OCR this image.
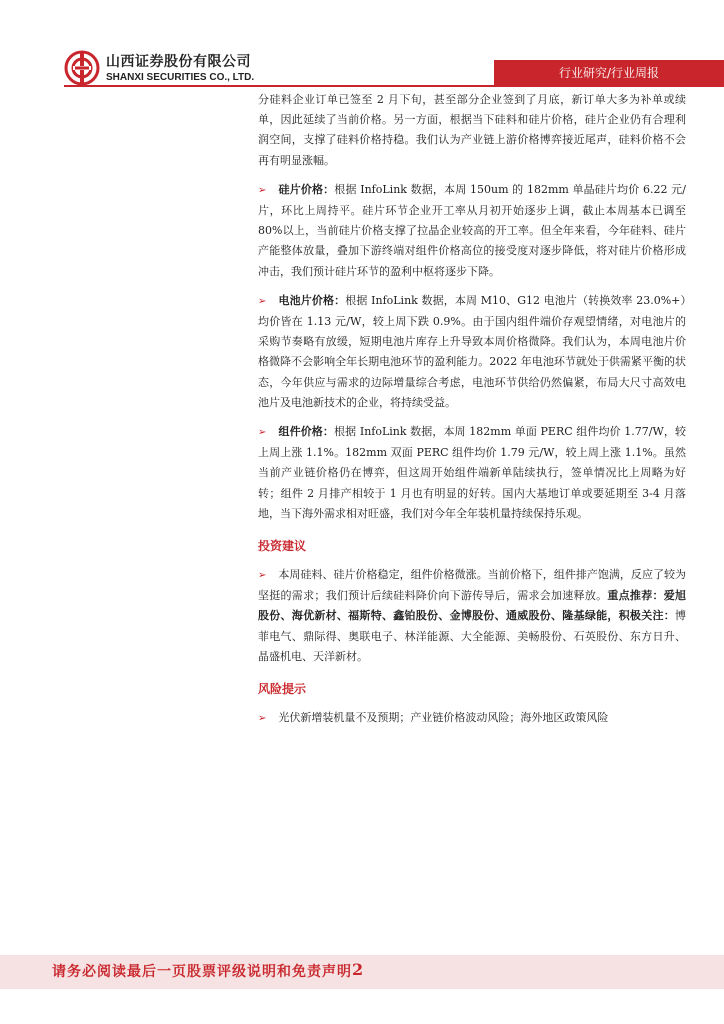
山西证券股份有限公司
SHANXI SECURITIES CO., LTD.	行业研究/行业周报

分硅料企业订单已签至 2 月下旬，甚至部分企业签到了月底，新订单大多为补单或续单，因此延续了当前价格。另一方面，根据当下硅料和硅片价格，硅片企业仍有合理利润空间，支撑了硅料价格持稳。我们认为产业链上游价格博弈接近尾声，硅料价格不会再有明显涨幅。

➢ 硅片价格：根据 InfoLink 数据，本周 150um 的 182mm 单晶硅片均价 6.22 元/片，环比上周持平。硅片环节企业开工率从月初开始逐步上调，截止本周基本已调至 80%以上，当前硅片价格支撑了拉晶企业较高的开工率。但全年来看，今年硅料、硅片产能整体放量，叠加下游终端对组件价格高位的接受度对逐步降低，将对硅片价格形成冲击，我们预计硅片环节的盈利中枢将逐步下降。

➢ 电池片价格：根据 InfoLink 数据，本周 M10、G12 电池片（转换效率 23.0%+）均价皆在 1.13 元/W，较上周下跌 0.9%。由于国内组件端价存观望情绪，对电池片的采购节奏略有放缓，短期电池片库存上升导致本周价格微降。我们认为，本周电池片价格微降不会影响全年长期电池环节的盈利能力。2022 年电池环节就处于供需紧平衡的状态，今年供应与需求的边际增量综合考虑，电池环节供给仍然偏紧，布局大尺寸高效电池片及电池新技术的企业，将持续受益。

➢ 组件价格：根据 InfoLink 数据，本周 182mm 单面 PERC 组件均价 1.77/W，较上周上涨 1.1%。182mm 双面 PERC 组件均价 1.79 元/W，较上周上涨 1.1%。虽然当前产业链价格仍在博弈，但这周开始组件端新单陆续执行，签单情况比上周略为好转；组件 2 月排产相较于 1 月也有明显的好转。国内大基地订单或要延期至 3-4 月落地，当下海外需求相对旺盛，我们对今年全年装机量持续保持乐观。

投资建议

➢ 本周硅料、硅片价格稳定，组件价格微涨。当前价格下，组件排产饱满，反应了较为坚挺的需求；我们预计后续硅料降价向下游传导后，需求会加速释放。重点推荐：爱旭股份、海优新材、福斯特、鑫铂股份、金博股份、通威股份、隆基绿能，积极关注：博菲电气、鼎际得、奥联电子、林洋能源、大全能源、美畅股份、石英股份、东方日升、晶盛机电、天洋新材。

风险提示

➢ 光伏新增装机量不及预期；产业链价格波动风险；海外地区政策风险

请务必阅读最后一页股票评级说明和免责声明 2
